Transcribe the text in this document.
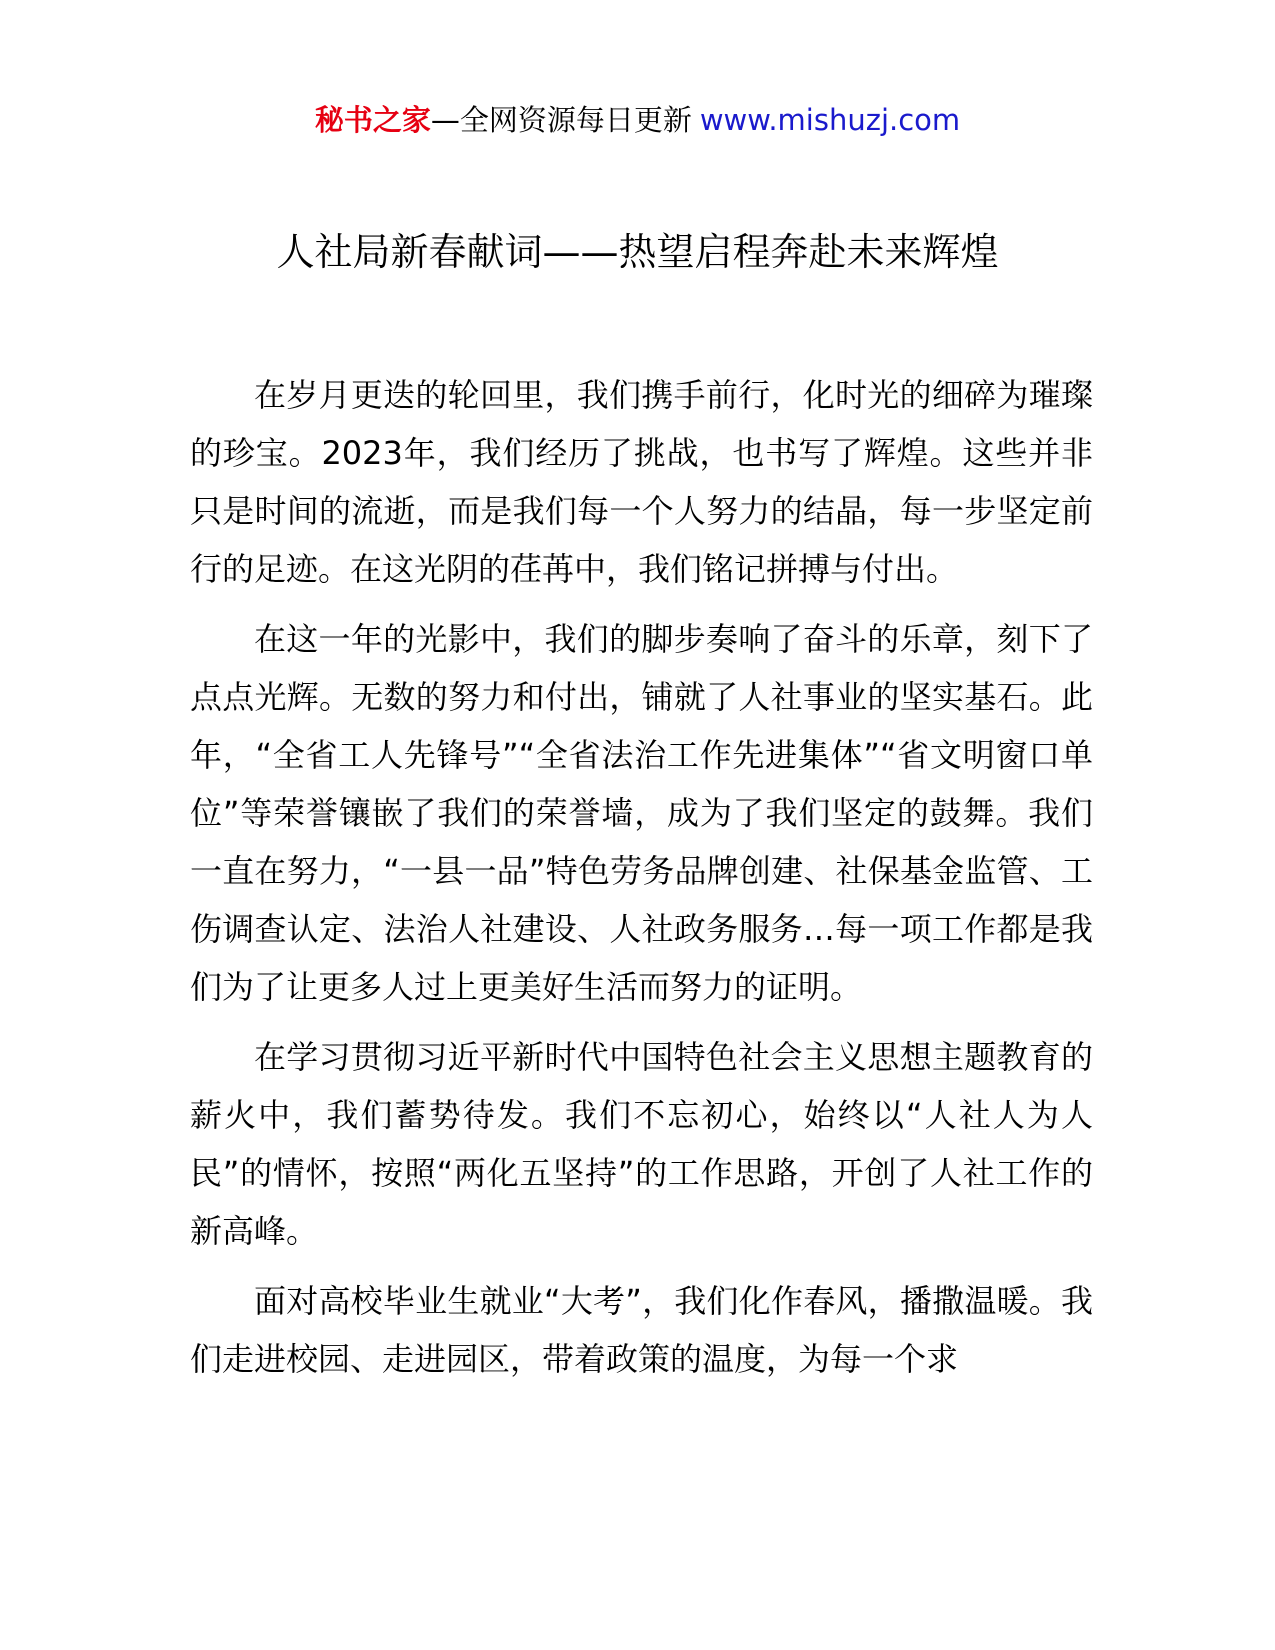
秘书之家—全网资源每日更新 www.mishuzj.com
人社局新春献词——热望启程奔赴未来辉煌

在岁月更迭的轮回里，我们携手前行，化时光的细碎为璀璨的珍宝。2023年，我们经历了挑战，也书写了辉煌。这些并非只是时间的流逝，而是我们每一个人努力的结晶，每一步坚定前行的足迹。在这光阴的荏苒中，我们铭记拼搏与付出。

在这一年的光影中，我们的脚步奏响了奋斗的乐章，刻下了点点光辉。无数的努力和付出，铺就了人社事业的坚实基石。此年，“全省工人先锋号”“全省法治工作先进集体”“省文明窗口单位”等荣誉镶嵌了我们的荣誉墙，成为了我们坚定的鼓舞。我们一直在努力，“一县一品”特色劳务品牌创建、社保基金监管、工伤调查认定、法治人社建设、人社政务服务…每一项工作都是我们为了让更多人过上更美好生活而努力的证明。

在学习贯彻习近平新时代中国特色社会主义思想主题教育的薪火中，我们蓄势待发。我们不忘初心，始终以“人社人为人民”的情怀，按照“两化五坚持”的工作思路，开创了人社工作的新高峰。

面对高校毕业生就业“大考”，我们化作春风，播撒温暖。我们走进校园、走进园区，带着政策的温度，为每一个求
